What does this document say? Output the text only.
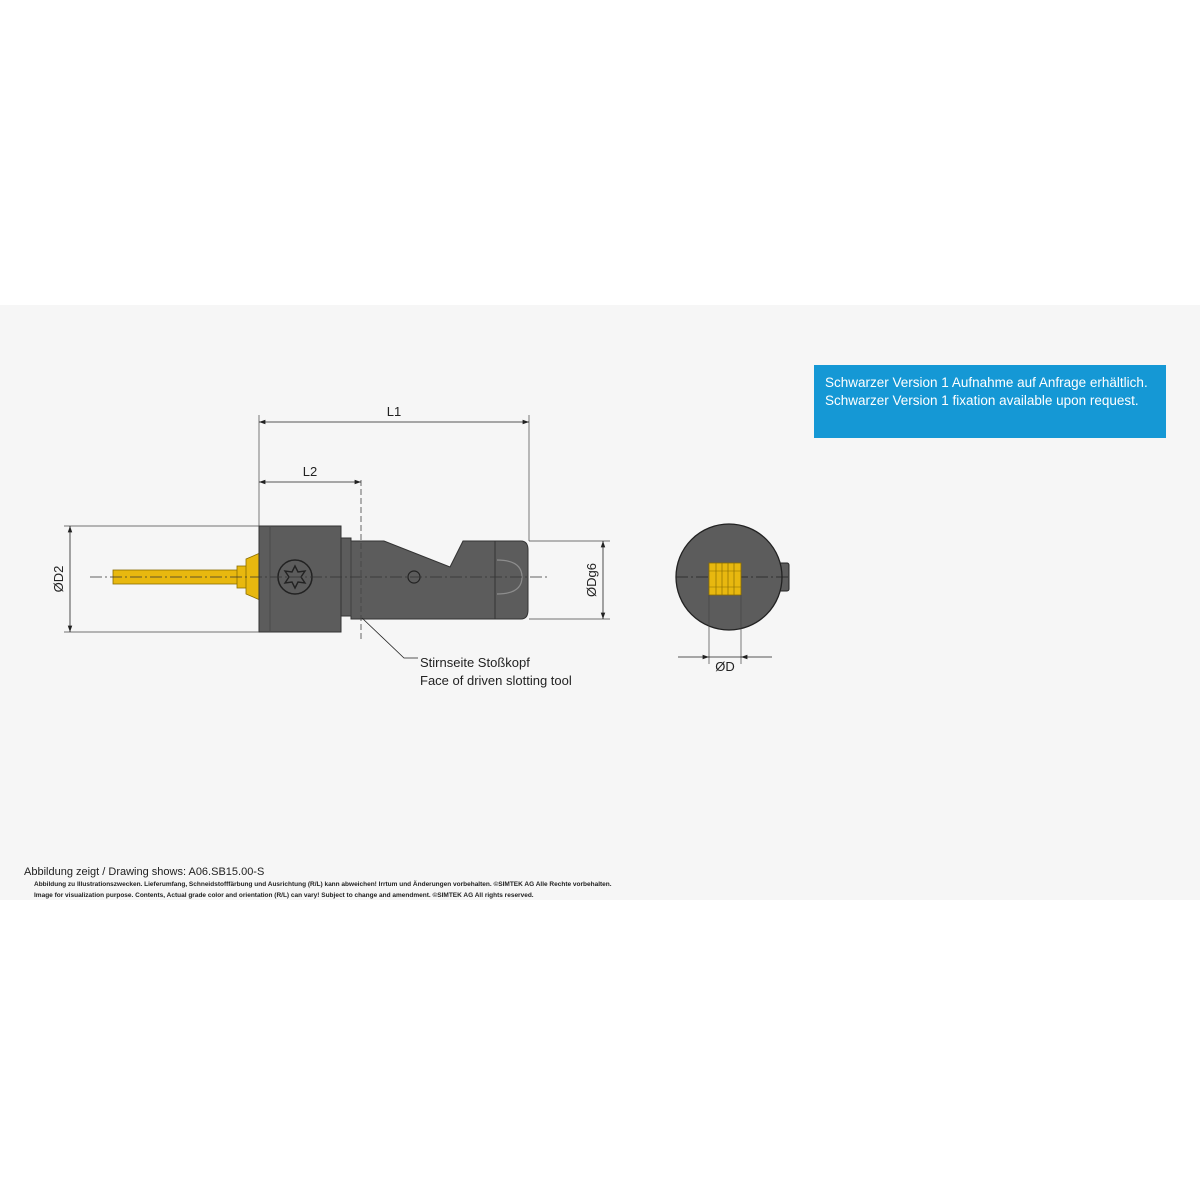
L1
L2
ØD2	ØDg6
Stirnseite Stoßkopf
Face of driven slotting tool
ØD
Schwarzer Version 1 Aufnahme auf Anfrage erhältlich.
Schwarzer Version 1 fixation available upon request.
Abbildung zeigt / Drawing shows: A06.SB15.00-S
Abbildung zu Illustrationszwecken. Lieferumfang, Schneidstofffärbung und Ausrichtung (R/L) kann abweichen! Irrtum und Änderungen vorbehalten. ©SIMTEK AG Alle Rechte vorbehalten.
Image for visualization purpose. Contents, Actual grade color and orientation (R/L) can vary! Subject to change and amendment. ©SIMTEK AG All rights reserved.
